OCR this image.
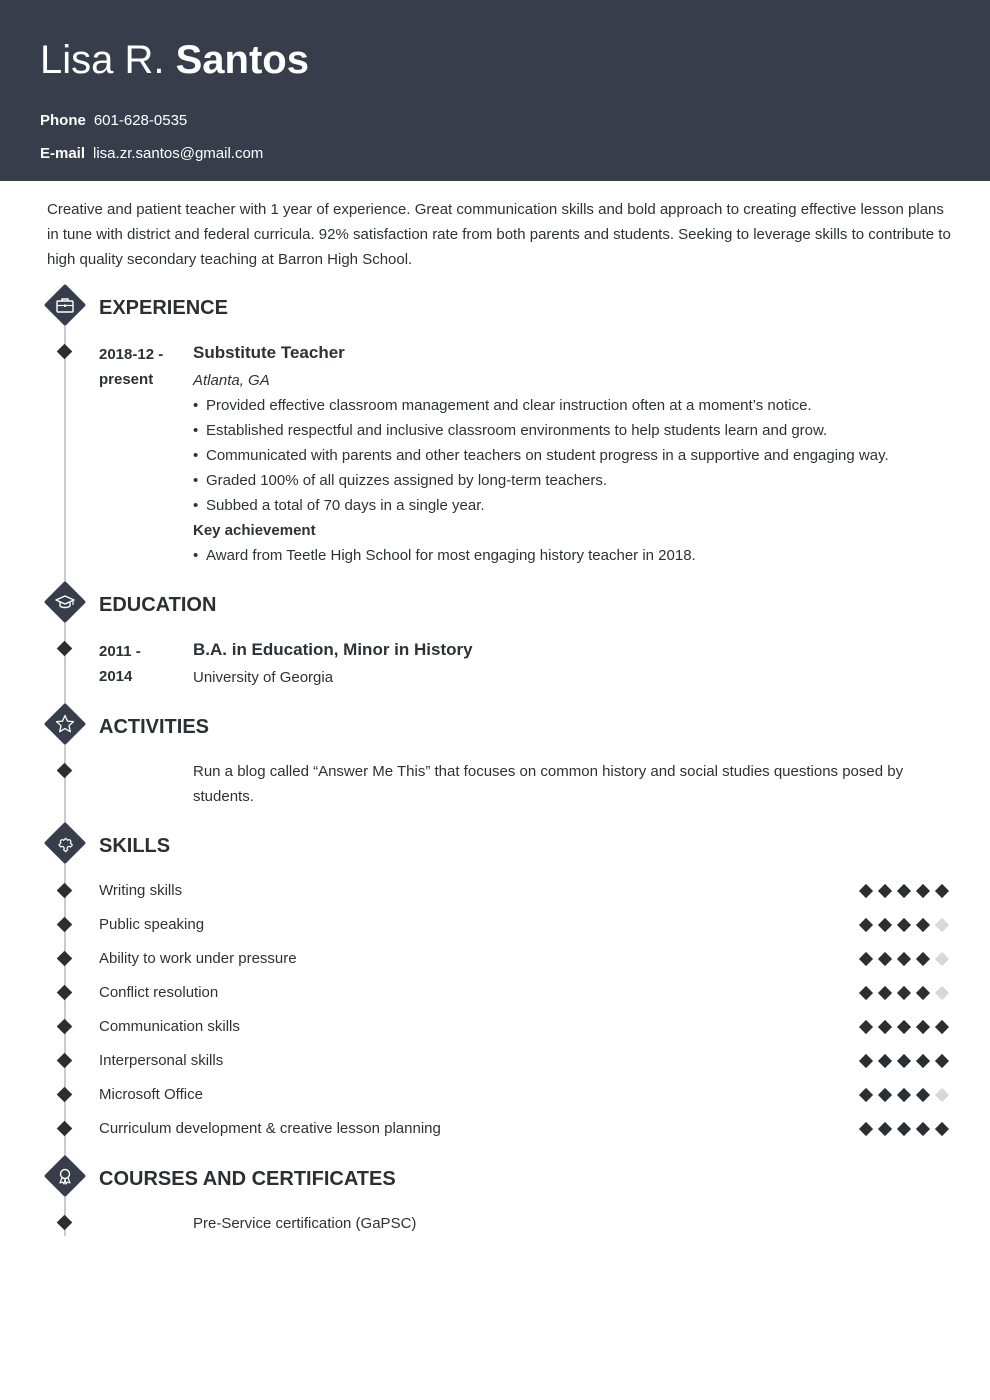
Lisa R. Santos
Phone 601-628-0535
E-mail lisa.zr.santos@gmail.com

Creative and patient teacher with 1 year of experience. Great communication skills and bold approach to creating effective lesson plans in tune with district and federal curricula. 92% satisfaction rate from both parents and students. Seeking to leverage skills to contribute to high quality secondary teaching at Barron High School.

EXPERIENCE
2018-12 -
present
Substitute Teacher
Atlanta, GA
• Provided effective classroom management and clear instruction often at a moment’s notice.
• Established respectful and inclusive classroom environments to help students learn and grow.
• Communicated with parents and other teachers on student progress in a supportive and engaging way.
• Graded 100% of all quizzes assigned by long-term teachers.
• Subbed a total of 70 days in a single year.
Key achievement
• Award from Teetle High School for most engaging history teacher in 2018.
EDUCATION
2011 -
2014
B.A. in Education, Minor in History
University of Georgia
ACTIVITIES

Run a blog called “Answer Me This” that focuses on common history and social studies questions posed by students.

SKILLS
Writing skills
Public speaking
Ability to work under pressure
Conflict resolution
Communication skills
Interpersonal skills
Microsoft Office
Curriculum development & creative lesson planning
COURSES AND CERTIFICATES
Pre-Service certification (GaPSC)
